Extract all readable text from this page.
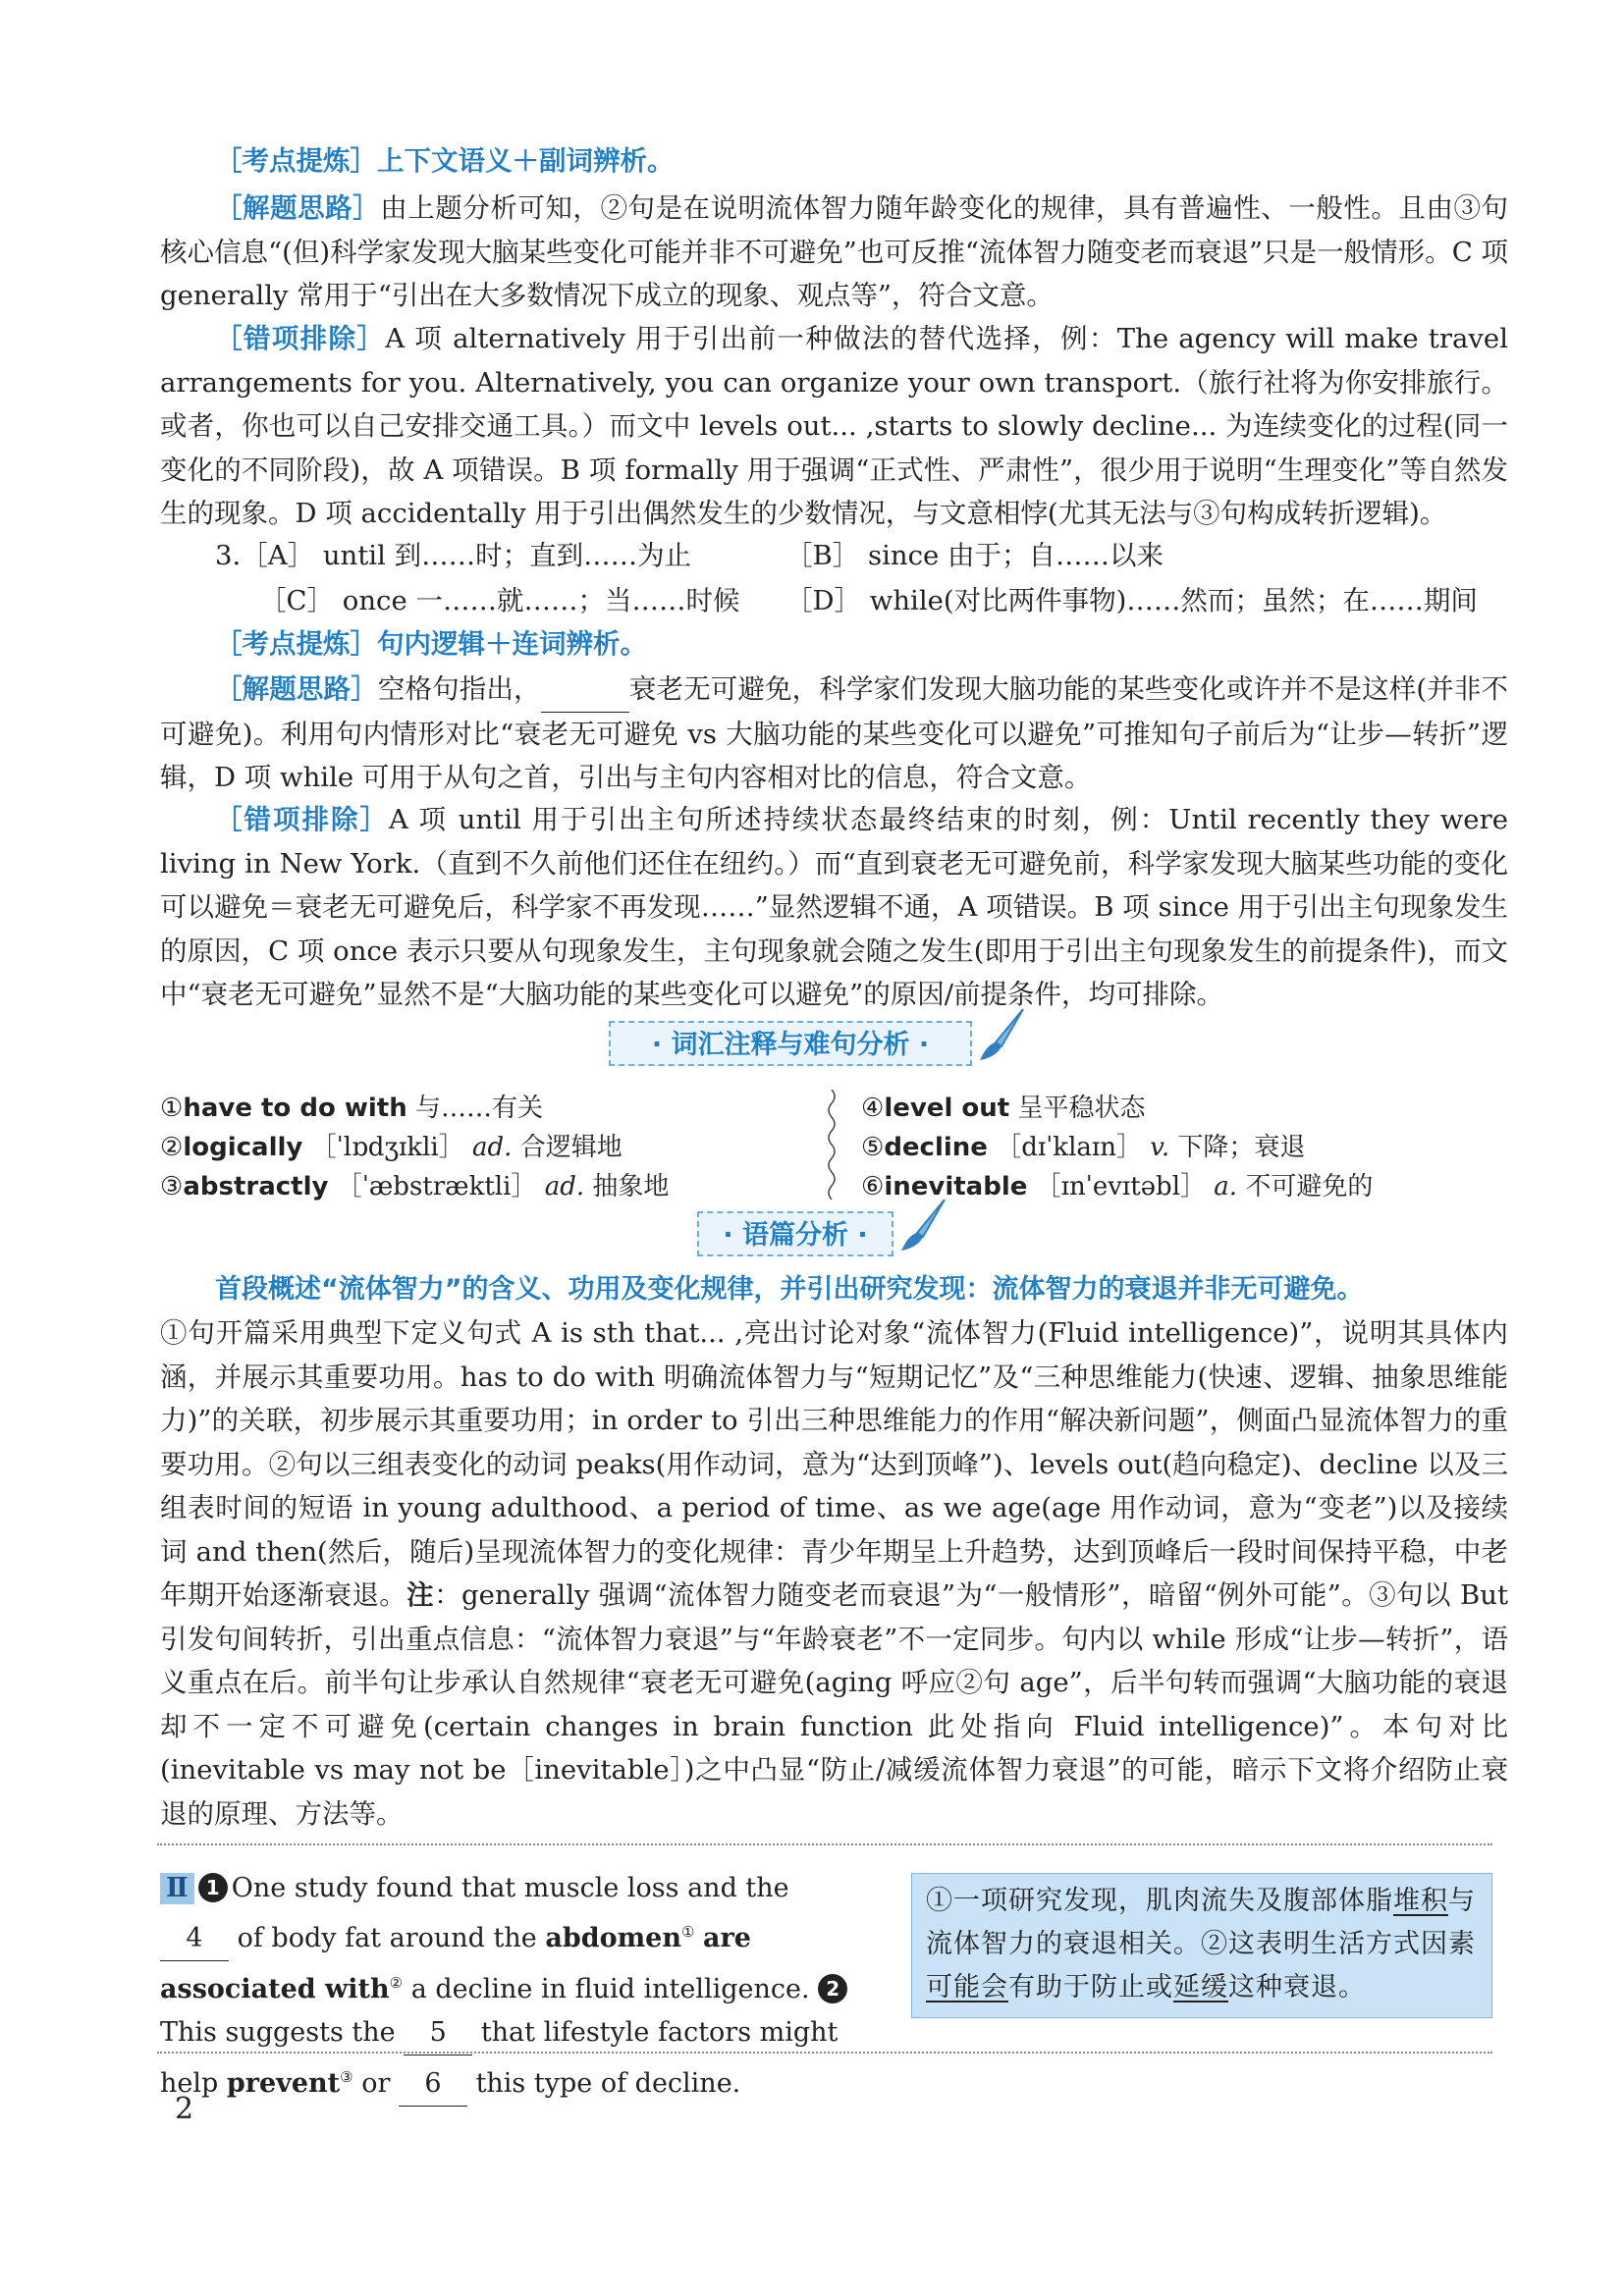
［考点提炼］上下文语义＋副词辨析。

［解题思路］由上题分析可知，②句是在说明流体智力随年龄变化的规律，具有普遍性、一般性。且由③句核心信息“(但)科学家发现大脑某些变化可能并非不可避免”也可反推“流体智力随变老而衰退”只是一般情形。C 项 generally 常用于“引出在大多数情况下成立的现象、观点等”，符合文意。

［错项排除］A 项 alternatively 用于引出前一种做法的替代选择，例：The agency will make travel arrangements for you. Alternatively, you can organize your own transport.（旅行社将为你安排旅行。或者，你也可以自己安排交通工具。）而文中 levels out... ,starts to slowly decline... 为连续变化的过程(同一变化的不同阶段)，故 A 项错误。B 项 formally 用于强调“正式性、严肃性”，很少用于说明“生理变化”等自然发生的现象。D 项 accidentally 用于引出偶然发生的少数情况，与文意相悖(尤其无法与③句构成转折逻辑)。

3.［A］ until 到……时；直到……为止	［B］ since 由于；自……以来
［C］ once 一……就……；当……时候 ［D］ while(对比两件事物)……然而；虽然；在……期间

［考点提炼］句内逻辑＋连词辨析。

［解题思路］空格句指出，	衰老无可避免，科学家们发现大脑功能的某些变化或许并不是这样(并非不可避免)。利用句内情形对比“衰老无可避免 vs 大脑功能的某些变化可以避免”可推知句子前后为“让步—转折”逻辑，D 项 while 可用于从句之首，引出与主句内容相对比的信息，符合文意。

［错项排除］A 项 until 用于引出主句所述持续状态最终结束的时刻，例：Until recently they were living in New York.（直到不久前他们还住在纽约。）而“直到衰老无可避免前，科学家发现大脑某些功能的变化可以避免＝衰老无可避免后，科学家不再发现……”显然逻辑不通，A 项错误。B 项 since 用于引出主句现象发生的原因，C 项 once 表示只要从句现象发生，主句现象就会随之发生(即用于引出主句现象发生的前提条件)，而文中“衰老无可避免”显然不是“大脑功能的某些变化可以避免”的原因/前提条件，均可排除。

· 词汇注释与难句分析 ·
①have to do with 与……有关
②logically ［ˈlɒdʒɪkli］ ad. 合逻辑地
③abstractly ［ˈæbstræktli］ ad. 抽象地
④level out 呈平稳状态
⑤decline ［dɪˈklaɪn］ v. 下降；衰退
⑥inevitable ［ɪnˈevɪtəbl］ a. 不可避免的
· 语篇分析 ·

首段概述“流体智力”的含义、功用及变化规律，并引出研究发现：流体智力的衰退并非无可避免。

①句开篇采用典型下定义句式 A is sth that... ,亮出讨论对象“流体智力(Fluid intelligence)”，说明其具体内涵，并展示其重要功用。has to do with 明确流体智力与“短期记忆”及“三种思维能力(快速、逻辑、抽象思维能力)”的关联，初步展示其重要功用；in order to 引出三种思维能力的作用“解决新问题”，侧面凸显流体智力的重要功用。②句以三组表变化的动词 peaks(用作动词，意为“达到顶峰”)、levels out(趋向稳定)、decline 以及三组表时间的短语 in young adulthood、a period of time、as we age(age 用作动词，意为“变老”)以及接续词 and then(然后，随后)呈现流体智力的变化规律：青少年期呈上升趋势，达到顶峰后一段时间保持平稳，中老年期开始逐渐衰退。注：generally 强调“流体智力随变老而衰退”为“一般情形”，暗留“例外可能”。③句以 But 引发句间转折，引出重点信息：“流体智力衰退”与“年龄衰老”不一定同步。句内以 while 形成“让步—转折”，语义重点在后。前半句让步承认自然规律“衰老无可避免(aging 呼应②句 age”，后半句转而强调“大脑功能的衰退却不一定不可避免(certain changes in brain function 此处指向 Fluid intelligence)”。本句对比(inevitable vs may not be［inevitable］)之中凸显“防止/减缓流体智力衰退”的可能，暗示下文将介绍防止衰退的原理、方法等。

Ⅱ 1 One study found that muscle loss and the 4 of body fat around the abdomen① are associated with② a decline in fluid intelligence. 2This suggests the 5 that lifestyle factors might help prevent③ or 6 this type of decline.
①一项研究发现，肌肉流失及腹部体脂堆积与流体智力的衰退相关。②这表明生活方式因素可能会有助于防止或延缓这种衰退。
2
